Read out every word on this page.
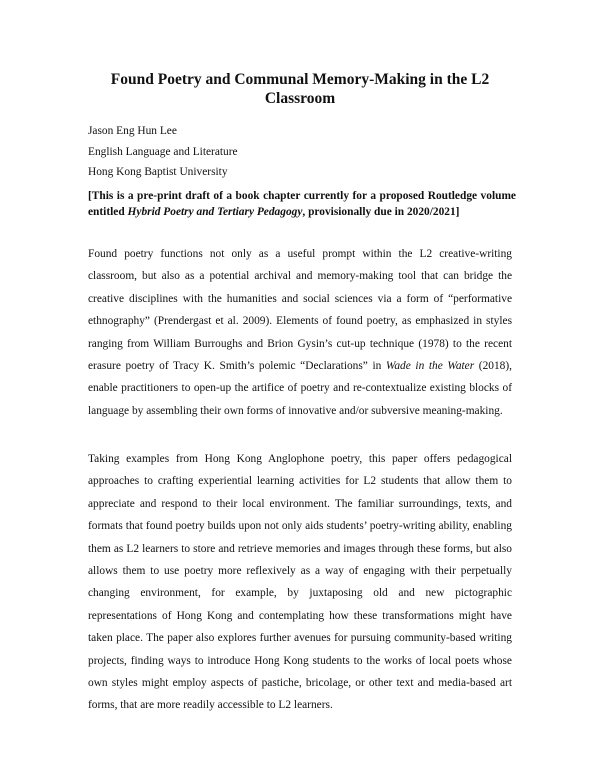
Found Poetry and Communal Memory-Making in the L2 Classroom
Jason Eng Hun Lee
English Language and Literature
Hong Kong Baptist University
[This is a pre-print draft of a book chapter currently for a proposed Routledge volume entitled Hybrid Poetry and Tertiary Pedagogy, provisionally due in 2020/2021]
Found poetry functions not only as a useful prompt within the L2 creative-writing classroom, but also as a potential archival and memory-making tool that can bridge the creative disciplines with the humanities and social sciences via a form of “performative ethnography” (Prendergast et al. 2009). Elements of found poetry, as emphasized in styles ranging from William Burroughs and Brion Gysin’s cut-up technique (1978) to the recent erasure poetry of Tracy K. Smith’s polemic “Declarations” in Wade in the Water (2018), enable practitioners to open-up the artifice of poetry and re-contextualize existing blocks of language by assembling their own forms of innovative and/or subversive meaning-making.
Taking examples from Hong Kong Anglophone poetry, this paper offers pedagogical approaches to crafting experiential learning activities for L2 students that allow them to appreciate and respond to their local environment. The familiar surroundings, texts, and formats that found poetry builds upon not only aids students’ poetry-writing ability, enabling them as L2 learners to store and retrieve memories and images through these forms, but also allows them to use poetry more reflexively as a way of engaging with their perpetually changing environment, for example, by juxtaposing old and new pictographic representations of Hong Kong and contemplating how these transformations might have taken place. The paper also explores further avenues for pursuing community-based writing projects, finding ways to introduce Hong Kong students to the works of local poets whose own styles might employ aspects of pastiche, bricolage, or other text and media-based art forms, that are more readily accessible to L2 learners.
